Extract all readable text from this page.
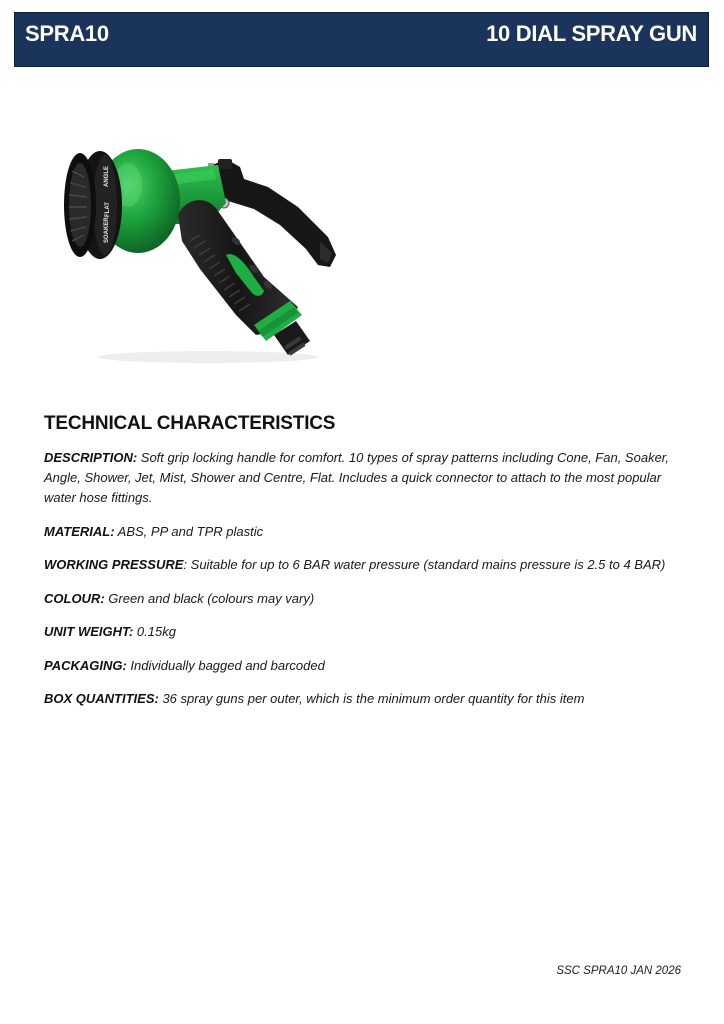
SPRA10	10 DIAL SPRAY GUN
ANGLE
FLAT
SOAKER
TECHNICAL CHARACTERISTICS

DESCRIPTION: Soft grip locking handle for comfort. 10 types of spray patterns including Cone, Fan, Soaker, Angle, Shower, Jet, Mist, Shower and Centre, Flat. Includes a quick connector to attach to the most popular water hose fittings.

MATERIAL: ABS, PP and TPR plastic

WORKING PRESSURE: Suitable for up to 6 BAR water pressure (standard mains pressure is 2.5 to 4 BAR)

COLOUR: Green and black (colours may vary)

UNIT WEIGHT: 0.15kg

PACKAGING: Individually bagged and barcoded

BOX QUANTITIES: 36 spray guns per outer, which is the minimum order quantity for this item

SSC SPRA10 JAN 2026
